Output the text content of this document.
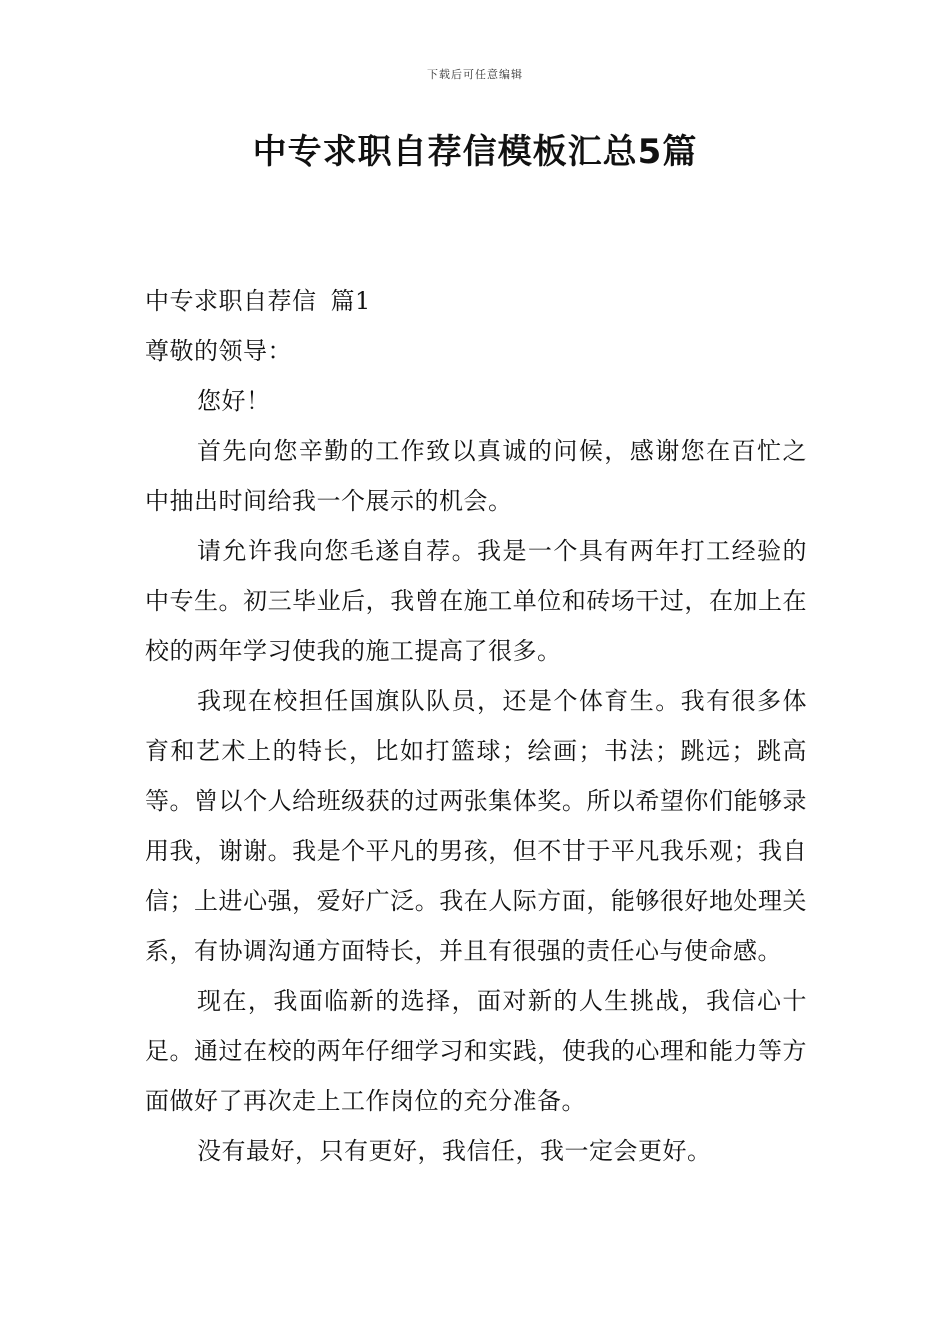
下载后可任意编辑
中专求职自荐信模板汇总5篇

中专求职自荐信 篇1

尊敬的领导：

您好！

首先向您辛勤的工作致以真诚的问候，感谢您在百忙之中抽出时间给我一个展示的机会。

请允许我向您毛遂自荐。我是一个具有两年打工经验的中专生。初三毕业后，我曾在施工单位和砖场干过，在加上在校的两年学习使我的施工提高了很多。

我现在校担任国旗队队员，还是个体育生。我有很多体育和艺术上的特长，比如打篮球；绘画；书法；跳远；跳高等。曾以个人给班级获的过两张集体奖。所以希望你们能够录用我，谢谢。我是个平凡的男孩，但不甘于平凡我乐观；我自信；上进心强，爱好广泛。我在人际方面，能够很好地处理关系，有协调沟通方面特长，并且有很强的责任心与使命感。

现在，我面临新的选择，面对新的人生挑战，我信心十足。通过在校的两年仔细学习和实践，使我的心理和能力等方面做好了再次走上工作岗位的充分准备。

没有最好，只有更好，我信任，我一定会更好。
